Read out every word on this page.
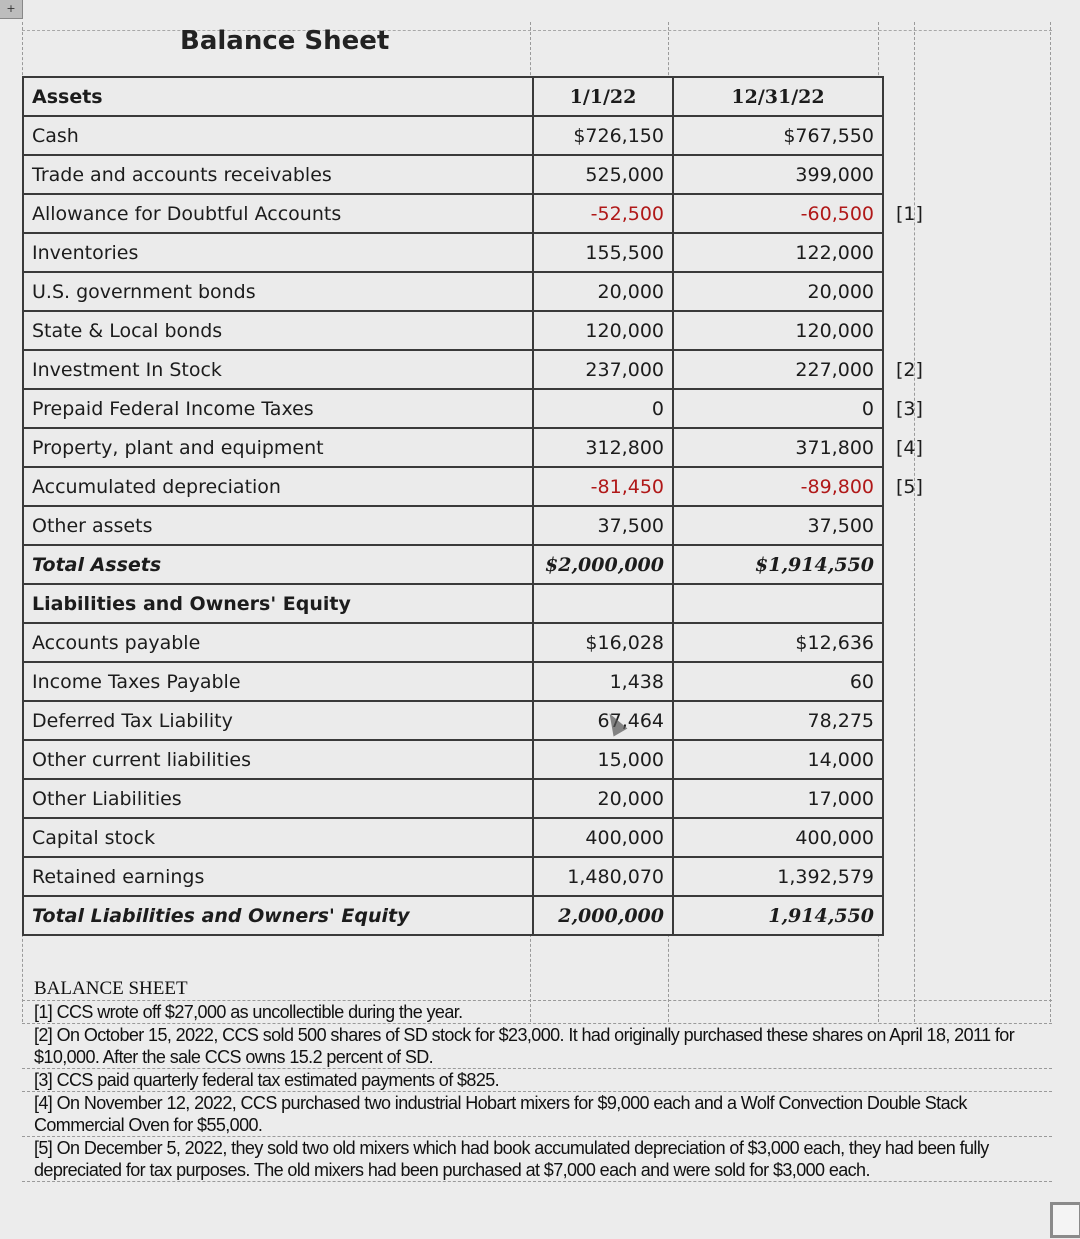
+
Balance Sheet
Assets	1/1/22	12/31/22	
Cash	$726,150	$767,550	
Trade and accounts receivables	525,000	399,000	
Allowance for Doubtful Accounts	-52,500	-60,500	[1]
Inventories	155,500	122,000	
U.S. government bonds	20,000	20,000	
State & Local bonds	120,000	120,000	
Investment In Stock	237,000	227,000	[2]
Prepaid Federal Income Taxes	0	0	[3]
Property, plant and equipment	312,800	371,800	[4]
Accumulated depreciation	-81,450	-89,800	[5]
Other assets	37,500	37,500	
Total Assets	$2,000,000	$1,914,550	
Liabilities and Owners' Equity			
Accounts payable	$16,028	$12,636	
Income Taxes Payable	1,438	60	
Deferred Tax Liability	67,464	78,275	
Other current liabilities	15,000	14,000	
Other Liabilities	20,000	17,000	
Capital stock	400,000	400,000	
Retained earnings	1,480,070	1,392,579	
Total Liabilities and Owners' Equity	2,000,000	1,914,550	
BALANCE SHEET
[1] CCS wrote off $27,000 as uncollectible during the year.
[2] On October 15, 2022, CCS sold 500 shares of SD stock for $23,000. It had originally purchased these shares on April 18, 2011 for $10,000. After the sale CCS owns 15.2 percent of SD.
[3] CCS paid quarterly federal tax estimated payments of $825.
[4] On November 12, 2022, CCS purchased two industrial Hobart mixers for $9,000 each and a Wolf Convection Double Stack Commercial Oven for $55,000.
[5] On December 5, 2022, they sold two old mixers which had book accumulated depreciation of $3,000 each, they had been fully depreciated for tax purposes. The old mixers had been purchased at $7,000 each and were sold for $3,000 each.
